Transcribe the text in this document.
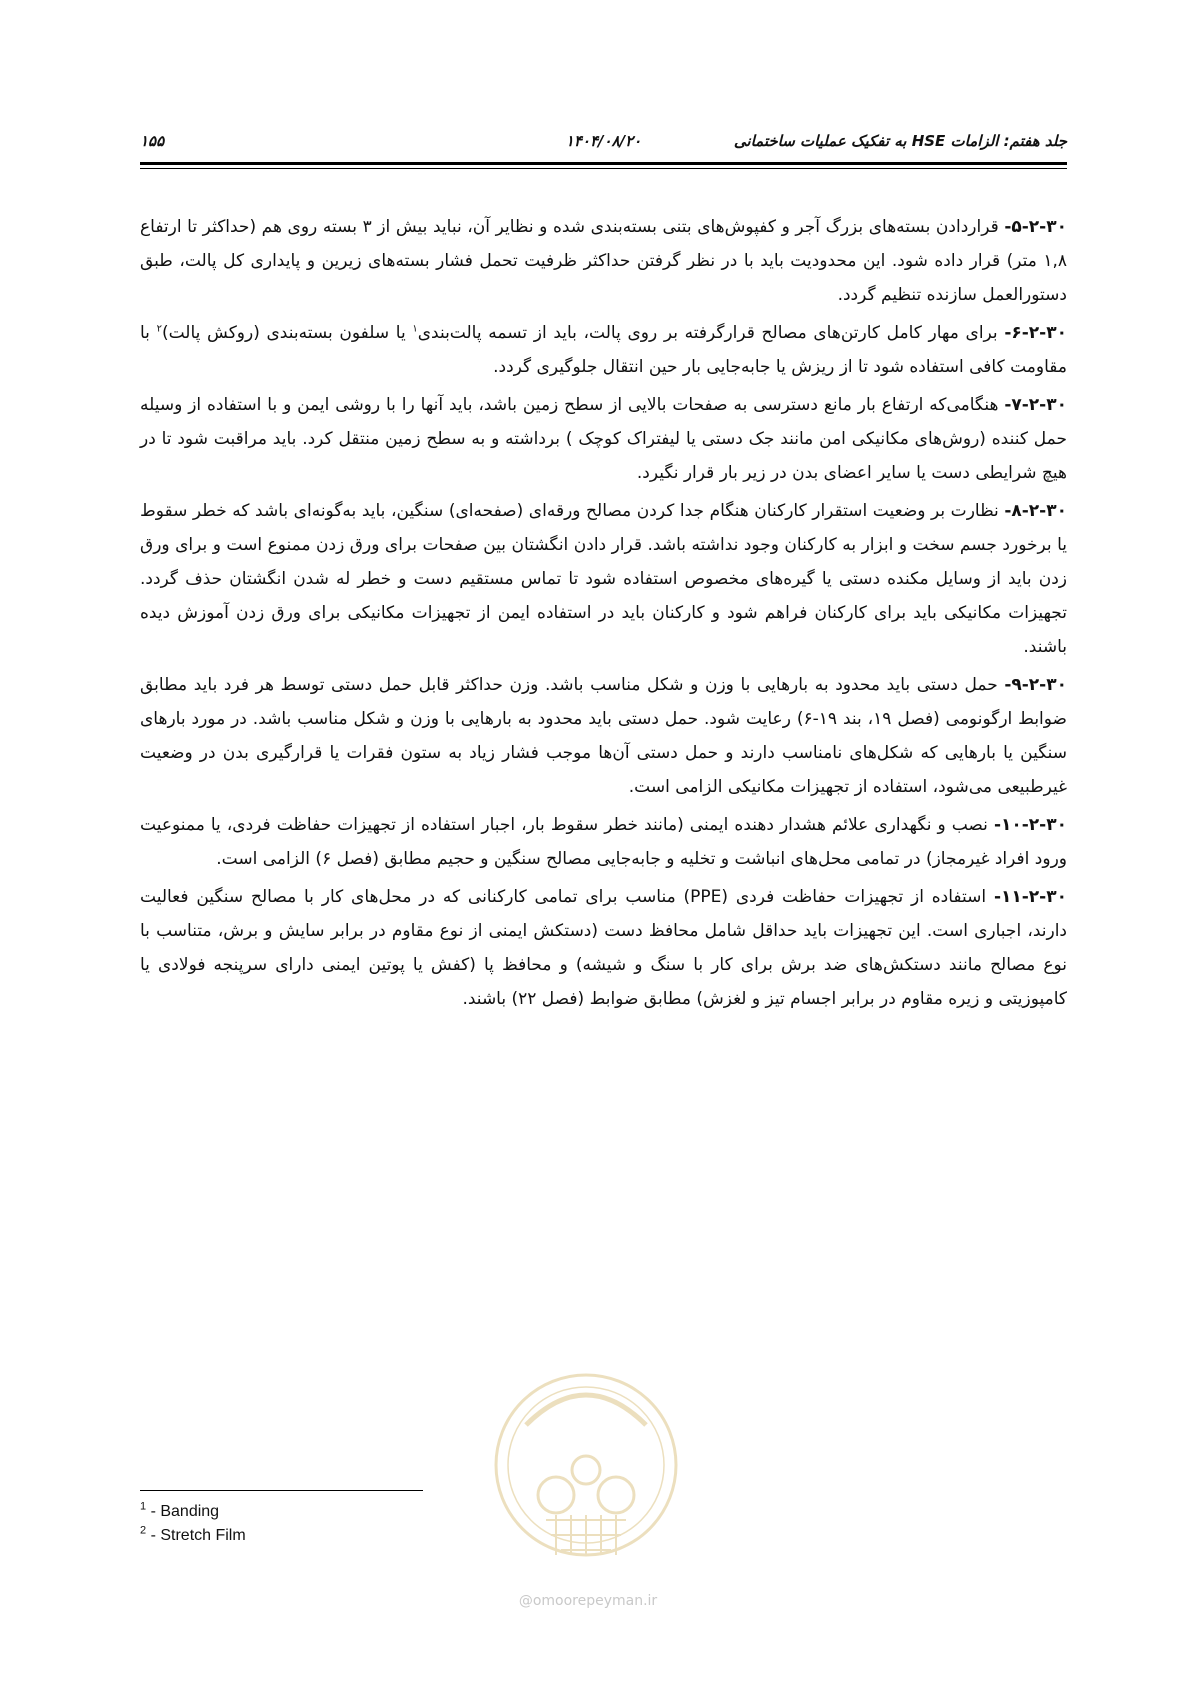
جلد هفتم: الزامات HSE به تفکیک عملیات ساختمانی
۱۴۰۴/۰۸/۲۰
۱۵۵

۵-۲-۳۰- قراردادن بسته‌های بزرگ آجر و کفپوش‌های بتنی بسته‌بندی شده و نظایر آن، نباید بیش از ۳ بسته روی هم (حداکثر تا ارتفاع ۱,۸ متر) قرار داده شود. این محدودیت باید با در نظر گرفتن حداکثر ظرفیت تحمل فشار بسته‌های زیرین و پایداری کل پالت، طبق دستورالعمل سازنده تنظیم گردد.

۶-۲-۳۰- برای مهار کامل کارتن‌های مصالح قرارگرفته بر روی پالت، باید از تسمه پالت‌بندی$^۱$ یا سلفون بسته‌بندی (روکش پالت)$^۲$ با مقاومت کافی استفاده شود تا از ریزش یا جابه‌جایی بار حین انتقال جلوگیری گردد.

۷-۲-۳۰- هنگامی‌که ارتفاع بار مانع دسترسی به صفحات بالایی از سطح زمین باشد، باید آنها را با روشی ایمن و با استفاده از وسیله حمل کننده (روش‌های مکانیکی امن مانند جک دستی یا لیفتراک کوچک ) برداشته و به سطح زمین منتقل کرد. باید مراقبت شود تا در هیچ شرایطی دست یا سایر اعضای بدن در زیر بار قرار نگیرد.

۸-۲-۳۰- نظارت بر وضعیت استقرار کارکنان هنگام جدا کردن مصالح ورقه‌ای (صفحه‌ای) سنگین، باید به‌گونه‌ای باشد که خطر سقوط یا برخورد جسم سخت و ابزار به کارکنان وجود نداشته باشد. قرار دادن انگشتان بین صفحات برای ورق زدن ممنوع است و برای ورق زدن باید از وسایل مکنده دستی یا گیره‌های مخصوص استفاده شود تا تماس مستقیم دست و خطر له شدن انگشتان حذف گردد. تجهیزات مکانیکی باید برای کارکنان فراهم شود و کارکنان باید در استفاده ایمن از تجهیزات مکانیکی برای ورق زدن آموزش دیده باشند.

۹-۲-۳۰- حمل دستی باید محدود به بارهایی با وزن و شکل مناسب باشد. وزن حداکثر قابل حمل دستی توسط هر فرد باید مطابق ضوابط ارگونومی (فصل ۱۹، بند ۱۹-۶) رعایت شود. حمل دستی باید محدود به بارهایی با وزن و شکل مناسب باشد. در مورد بارهای سنگین یا بارهایی که شکل‌های نامناسب دارند و حمل دستی آن‌ها موجب فشار زیاد به ستون فقرات یا قرارگیری بدن در وضعیت غیرطبیعی می‌شود، استفاده از تجهیزات مکانیکی الزامی است.

۱۰-۲-۳۰- نصب و نگهداری علائم هشدار دهنده ایمنی (مانند خطر سقوط بار، اجبار استفاده از تجهیزات حفاظت فردی، یا ممنوعیت ورود افراد غیرمجاز) در تمامی محل‌های انباشت و تخلیه و جابه‌جایی مصالح سنگین و حجیم مطابق (فصل ۶) الزامی است.

۱۱-۲-۳۰- استفاده از تجهیزات حفاظت فردی (PPE) مناسب برای تمامی کارکنانی که در محل‌های کار با مصالح سنگین فعالیت دارند، اجباری است. این تجهیزات باید حداقل شامل محافظ دست (دستکش ایمنی از نوع مقاوم در برابر سایش و برش، متناسب با نوع مصالح مانند دستکش‌های ضد برش برای کار با سنگ و شیشه) و محافظ پا (کفش یا پوتین ایمنی دارای سرپنجه فولادی یا کامپوزیتی و زیره مقاوم در برابر اجسام تیز و لغزش) مطابق ضوابط (فصل ۲۲) باشند.

@omoorepeyman.ir
$^1$ - Banding
$^2$ - Stretch Film
